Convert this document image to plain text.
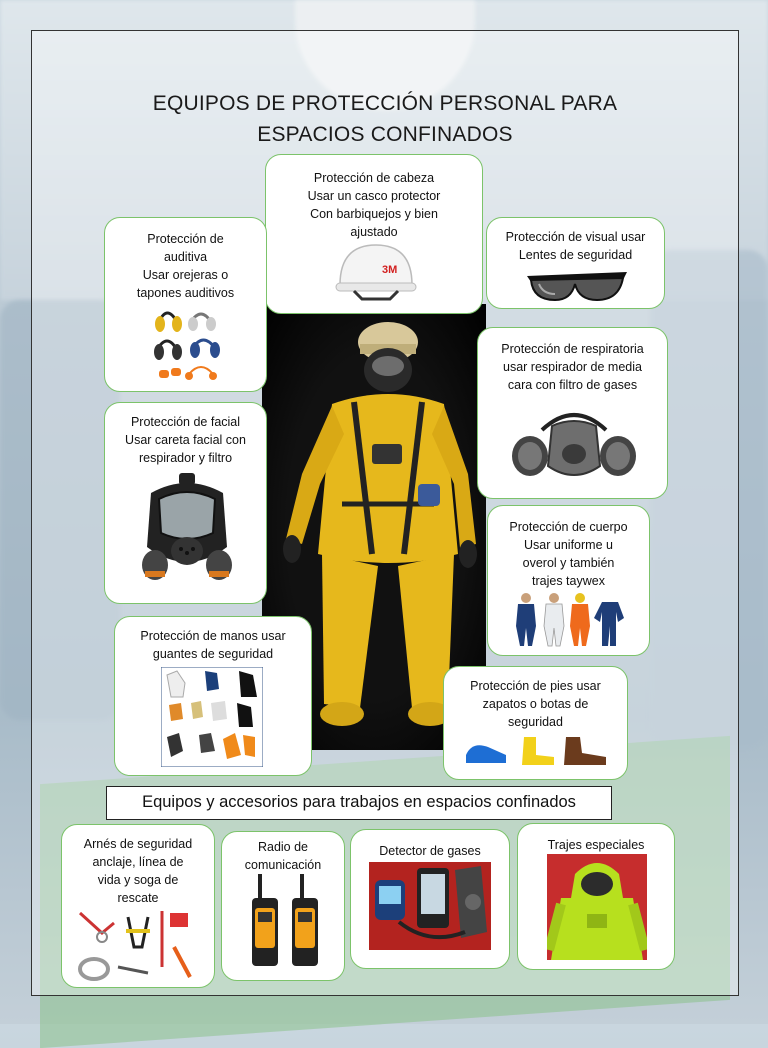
EQUIPOS DE PROTECCIÓN PERSONAL PARA
ESPACIOS CONFINADOS
Protección de cabeza
Usar un casco protector
Con barbiquejos y bien
ajustado
3M
Protección de
auditiva
Usar orejeras o
tapones auditivos
Protección de visual usar
Lentes de seguridad
Protección de respiratoria
usar respirador de media
cara con filtro de gases
Protección de facial
Usar careta facial con
respirador y filtro
Protección de cuerpo
Usar uniforme u
overol y también
trajes taywex
Protección de manos usar
guantes de seguridad
Protección de pies usar
zapatos o botas de
seguridad
Equipos y accesorios para trabajos en espacios confinados
Arnés de seguridad
anclaje, línea de
vida y soga de
rescate
Radio de
comunicación
Detector de gases	Trajes especiales
